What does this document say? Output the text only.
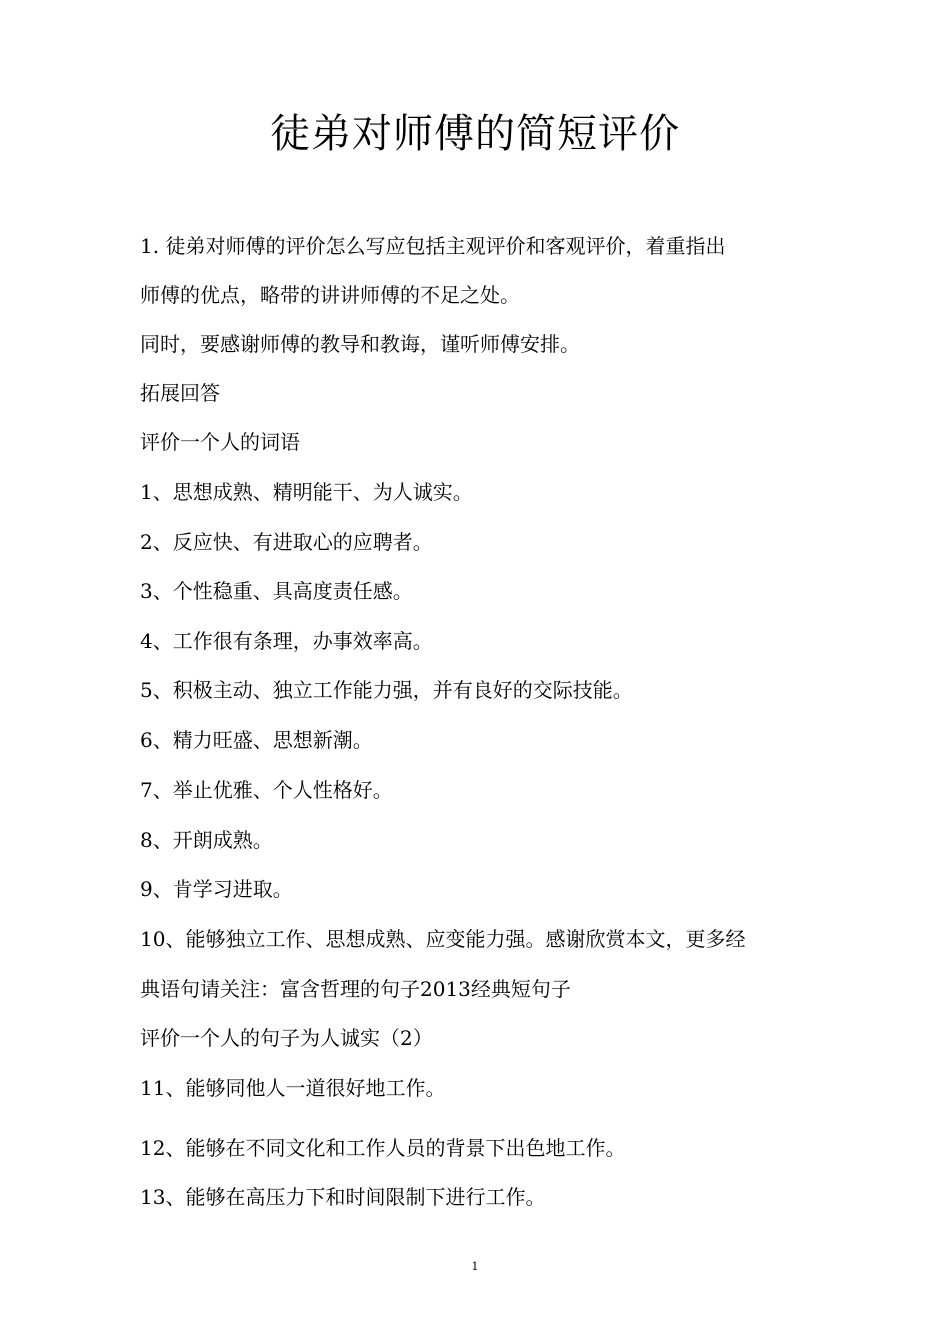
徒弟对师傅的简短评价
1. 徒弟对师傅的评价怎么写应包括主观评价和客观评价，着重指出
师傅的优点，略带的讲讲师傅的不足之处。
同时，要感谢师傅的教导和教诲，谨听师傅安排。
拓展回答
评价一个人的词语
1、思想成熟、精明能干、为人诚实。
2、反应快、有进取心的应聘者。
3、个性稳重、具高度责任感。
4、工作很有条理，办事效率高。
5、积极主动、独立工作能力强，并有良好的交际技能。
6、精力旺盛、思想新潮。
7、举止优雅、个人性格好。
8、开朗成熟。
9、肯学习进取。
10、能够独立工作、思想成熟、应变能力强。感谢欣赏本文，更多经
典语句请关注：富含哲理的句子2013经典短句子
评价一个人的句子为人诚实（2）
11、能够同他人一道很好地工作。
12、能够在不同文化和工作人员的背景下出色地工作。
13、能够在高压力下和时间限制下进行工作。
1
